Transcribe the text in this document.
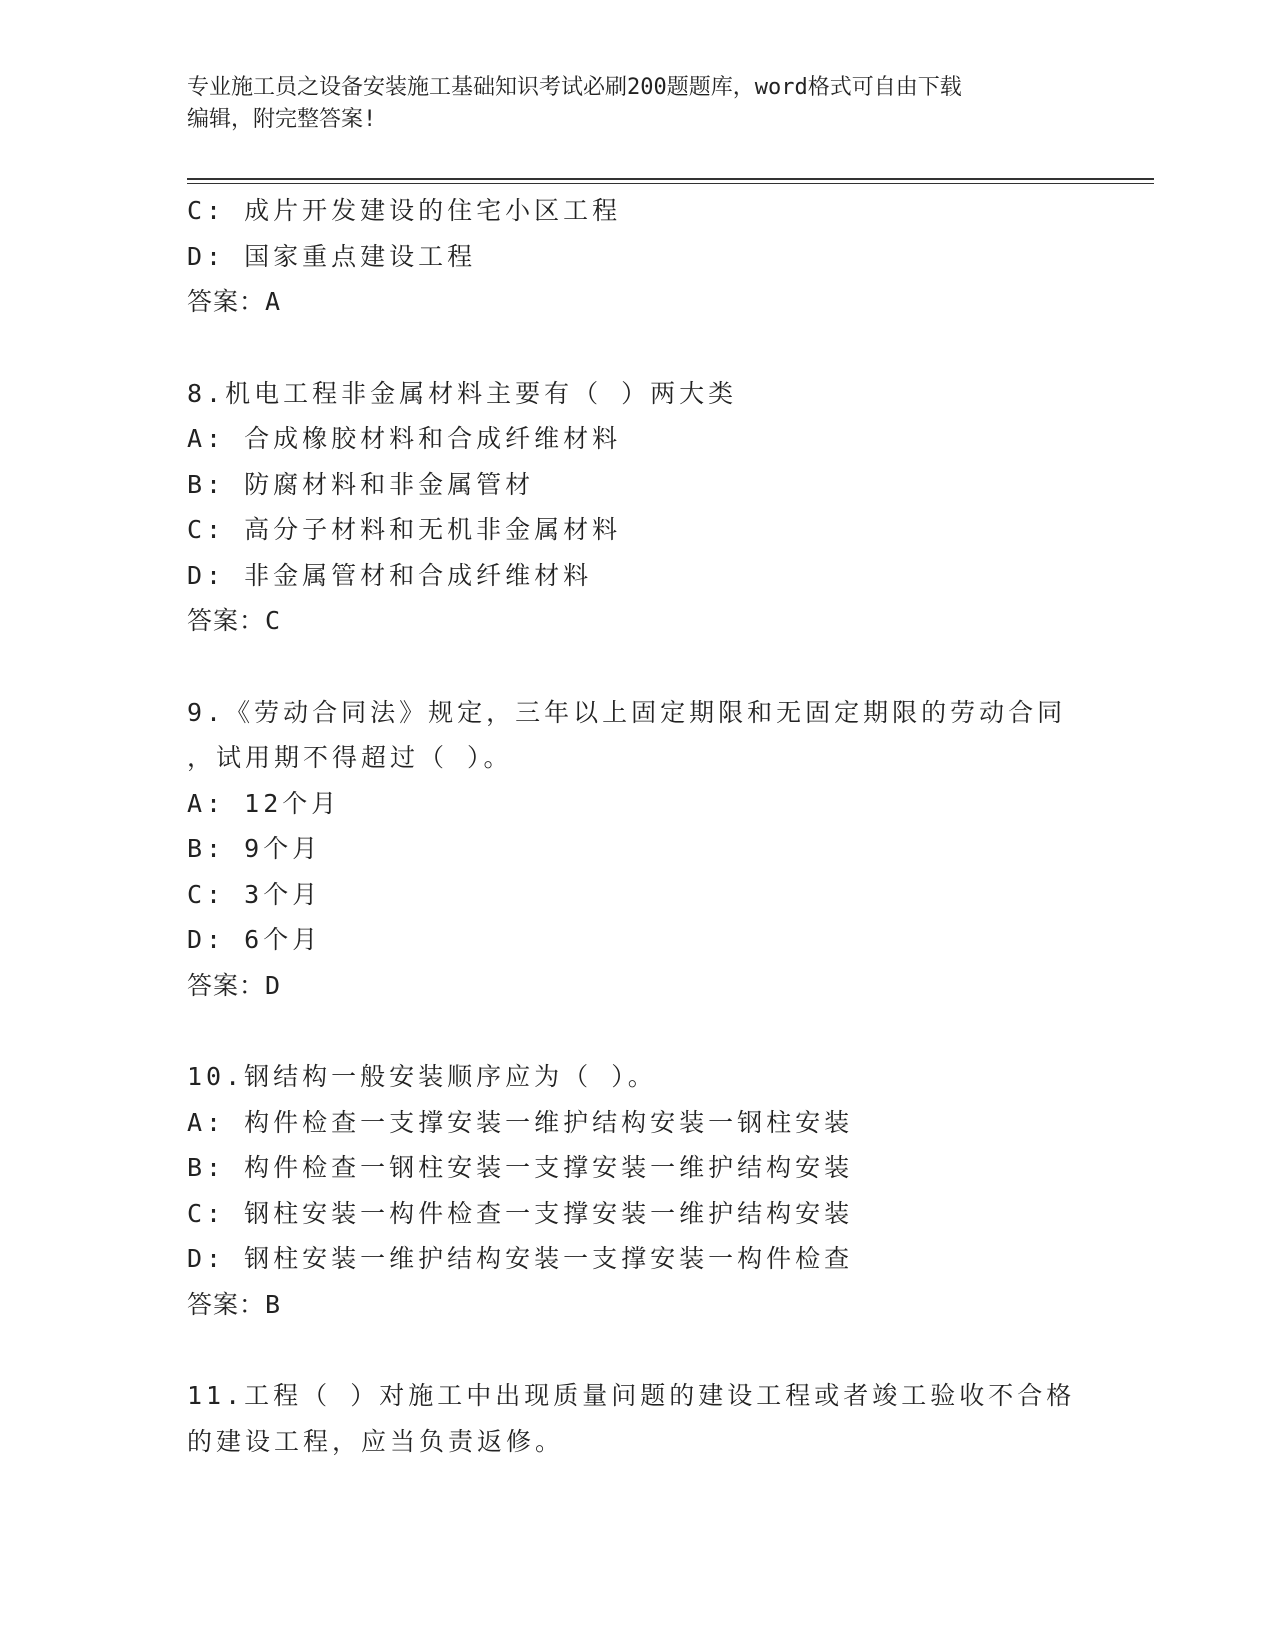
专业施工员之设备安装施工基础知识考试必刷200题题库，word格式可自由下载
编辑，附完整答案!
C: 成片开发建设的住宅小区工程
D: 国家重点建设工程
答案：A
8.机电工程非金属材料主要有（ ）两大类
A: 合成橡胶材料和合成纤维材料
B: 防腐材料和非金属管材
C: 高分子材料和无机非金属材料
D: 非金属管材和合成纤维材料
答案：C
9.《劳动合同法》规定，三年以上固定期限和无固定期限的劳动合同
，试用期不得超过（ ）。
A: 12个月
B: 9个月
C: 3个月
D: 6个月
答案：D
10.钢结构一般安装顺序应为（ ）。
A: 构件检查一支撑安装一维护结构安装一钢柱安装
B: 构件检查一钢柱安装一支撑安装一维护结构安装
C: 钢柱安装一构件检查一支撑安装一维护结构安装
D: 钢柱安装一维护结构安装一支撑安装一构件检查
答案：B
11.工程（ ）对施工中出现质量问题的建设工程或者竣工验收不合格
的建设工程，应当负责返修。
